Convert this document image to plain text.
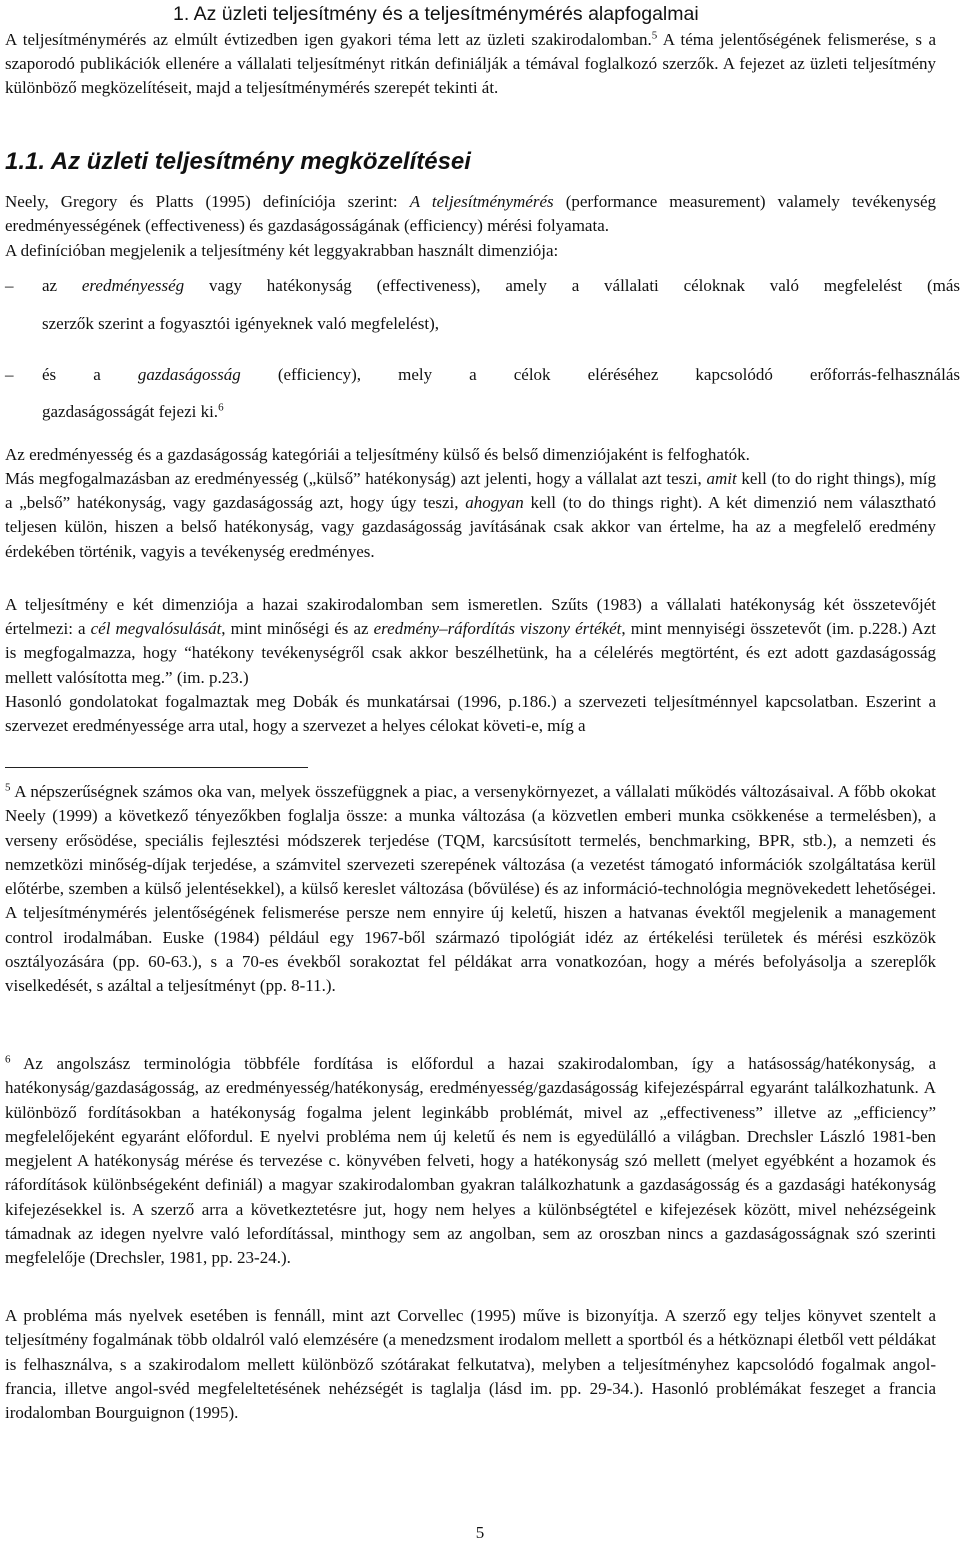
1. Az üzleti teljesítmény és a teljesítménymérés alapfogalmai
A teljesítménymérés az elmúlt évtizedben igen gyakori téma lett az üzleti szakirodalomban.$^5$ A téma jelentőségének felismerése, s a szaporodó publikációk ellenére a vállalati teljesítményt ritkán definiálják a témával foglalkozó szerzők. A fejezet az üzleti teljesítmény különböző megközelítéseit, majd a teljesítménymérés szerepét tekinti át.
1.1. Az üzleti teljesítmény megközelítései
Neely, Gregory és Platts (1995) definíciója szerint: A teljesítménymérés (performance measurement) valamely tevékenység eredményességének (effectiveness) és gazdaságosságának (efficiency) mérési folyamata.
A definícióban megjelenik a teljesítmény két leggyakrabban használt dimenziója:
– az eredményesség vagy hatékonyság (effectiveness), amely a vállalati céloknak való megfelelést (más
szerzők szerint a fogyasztói igényeknek való megfelelést),
– és a gazdaságosság (efficiency), mely a célok eléréséhez kapcsolódó erőforrás-felhasználás
gazdaságosságát fejezi ki.$^6$
Az eredményesség és a gazdaságosság kategóriái a teljesítmény külső és belső dimenziójaként is felfoghatók.
Más megfogalmazásban az eredményesség („külső” hatékonyság) azt jelenti, hogy a vállalat azt teszi, amit kell (to do right things), míg a „belső” hatékonyság, vagy gazdaságosság azt, hogy úgy teszi, ahogyan kell (to do things right). A két dimenzió nem választható teljesen külön, hiszen a belső hatékonyság, vagy gazdaságosság javításának csak akkor van értelme, ha az a megfelelő eredmény érdekében történik, vagyis a tevékenység eredményes.
A teljesítmény e két dimenziója a hazai szakirodalomban sem ismeretlen. Szűts (1983) a vállalati hatékonyság két összetevőjét értelmezi: a cél megvalósulását, mint minőségi és az eredmény–ráfordítás viszony értékét, mint mennyiségi összetevőt (im. p.228.) Azt is megfogalmazza, hogy “hatékony tevékenységről csak akkor beszélhetünk, ha a célelérés megtörtént, és ezt adott gazdaságosság mellett valósította meg.” (im. p.23.)
Hasonló gondolatokat fogalmaztak meg Dobák és munkatársai (1996, p.186.) a szervezeti teljesítménnyel kapcsolatban. Eszerint a szervezet eredményessége arra utal, hogy a szervezet a helyes célokat követi-e, míg a
$^5$ A népszerűségnek számos oka van, melyek összefüggnek a piac, a versenykörnyezet, a vállalati működés változásaival. A főbb okokat Neely (1999) a következő tényezőkben foglalja össze: a munka változása (a közvetlen emberi munka csökkenése a termelésben), a verseny erősödése, speciális fejlesztési módszerek terjedése (TQM, karcsúsított termelés, benchmarking, BPR, stb.), a nemzeti és nemzetközi minőség-díjak terjedése, a számvitel szervezeti szerepének változása (a vezetést támogató információk szolgáltatása kerül előtérbe, szemben a külső jelentésekkel), a külső kereslet változása (bővülése) és az információ-technológia megnövekedett lehetőségei. A teljesítménymérés jelentőségének felismerése persze nem ennyire új keletű, hiszen a hatvanas évektől megjelenik a management control irodalmában. Euske (1984) például egy 1967-ből származó tipológiát idéz az értékelési területek és mérési eszközök osztályozására (pp. 60-63.), s a 70-es évekből sorakoztat fel példákat arra vonatkozóan, hogy a mérés befolyásolja a szereplők viselkedését, s azáltal a teljesítményt (pp. 8-11.).
$^6$ Az angolszász terminológia többféle fordítása is előfordul a hazai szakirodalomban, így a hatásosság/hatékonyság, a hatékonyság/gazdaságosság, az eredményesség/hatékonyság, eredményesség/gazdaságosság kifejezéspárral egyaránt találkozhatunk. A különböző fordításokban a hatékonyság fogalma jelent leginkább problémát, mivel az „effectiveness” illetve az „efficiency” megfelelőjeként egyaránt előfordul. E nyelvi probléma nem új keletű és nem is egyedülálló a világban. Drechsler László 1981-ben megjelent A hatékonyság mérése és tervezése c. könyvében felveti, hogy a hatékonyság szó mellett (melyet egyébként a hozamok és ráfordítások különbségeként definiál) a magyar szakirodalomban gyakran találkozhatunk a gazdaságosság és a gazdasági hatékonyság kifejezésekkel is. A szerző arra a következtetésre jut, hogy nem helyes a különbségtétel e kifejezések között, mivel nehézségeink támadnak az idegen nyelvre való lefordítással, minthogy sem az angolban, sem az oroszban nincs a gazdaságosságnak szó szerinti megfelelője (Drechsler, 1981, pp. 23-24.).
A probléma más nyelvek esetében is fennáll, mint azt Corvellec (1995) műve is bizonyítja. A szerző egy teljes könyvet szentelt a teljesítmény fogalmának több oldalról való elemzésére (a menedzsment irodalom mellett a sportból és a hétköznapi életből vett példákat is felhasználva, s a szakirodalom mellett különböző szótárakat felkutatva), melyben a teljesítményhez kapcsolódó fogalmak angol-francia, illetve angol-svéd megfeleltetésének nehézségét is taglalja (lásd im. pp. 29-34.). Hasonló problémákat feszeget a francia irodalomban Bourguignon (1995).
5
